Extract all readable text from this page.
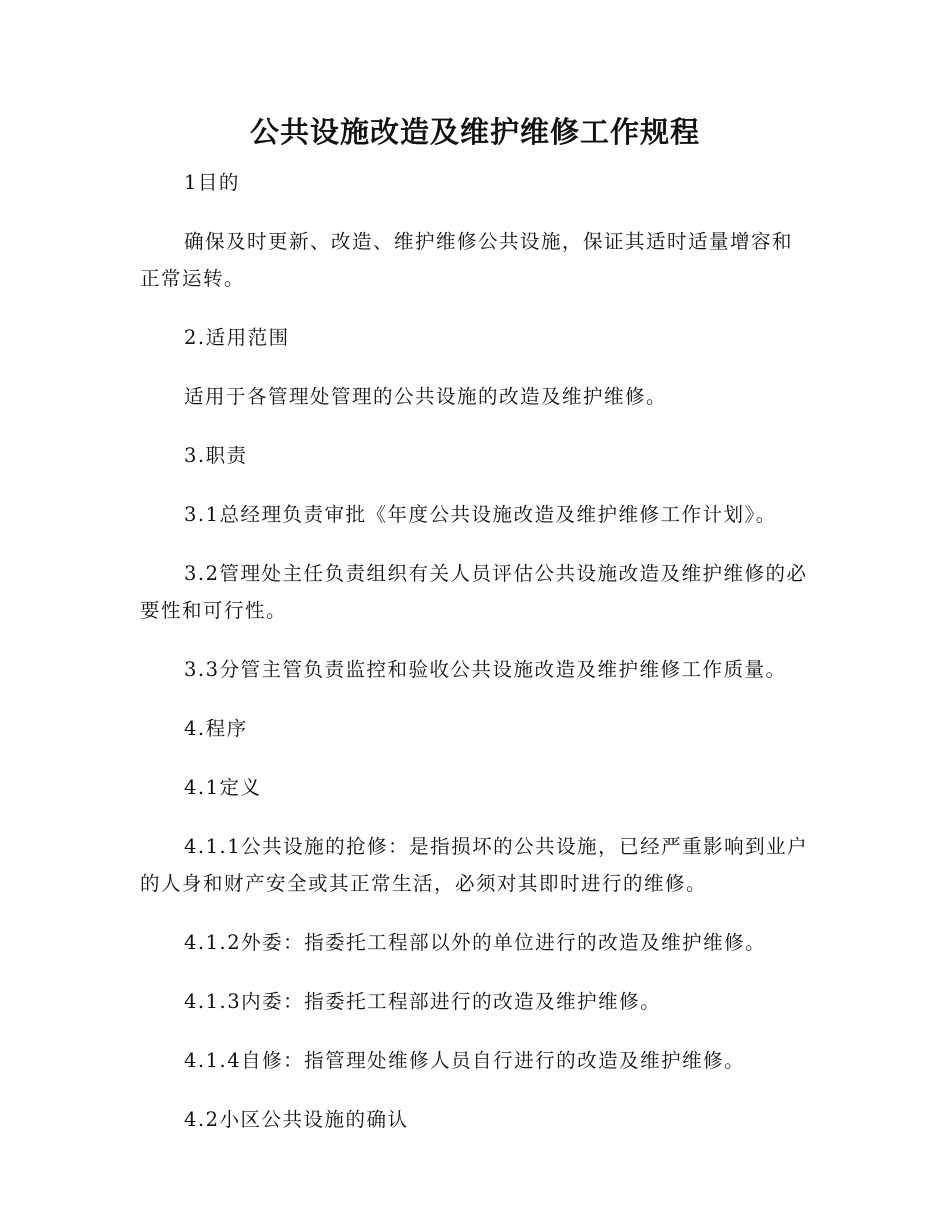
公共设施改造及维护维修工作规程

1目的

确保及时更新、改造、维护维修公共设施，保证其适时适量增容和正常运转。

2.适用范围

适用于各管理处管理的公共设施的改造及维护维修。

3.职责

3.1总经理负责审批《年度公共设施改造及维护维修工作计划》。

3.2管理处主任负责组织有关人员评估公共设施改造及维护维修的必要性和可行性。

3.3分管主管负责监控和验收公共设施改造及维护维修工作质量。

4.程序

4.1定义

4.1.1公共设施的抢修：是指损坏的公共设施，已经严重影响到业户的人身和财产安全或其正常生活，必须对其即时进行的维修。

4.1.2外委：指委托工程部以外的单位进行的改造及维护维修。

4.1.3内委：指委托工程部进行的改造及维护维修。

4.1.4自修：指管理处维修人员自行进行的改造及维护维修。

4.2小区公共设施的确认
